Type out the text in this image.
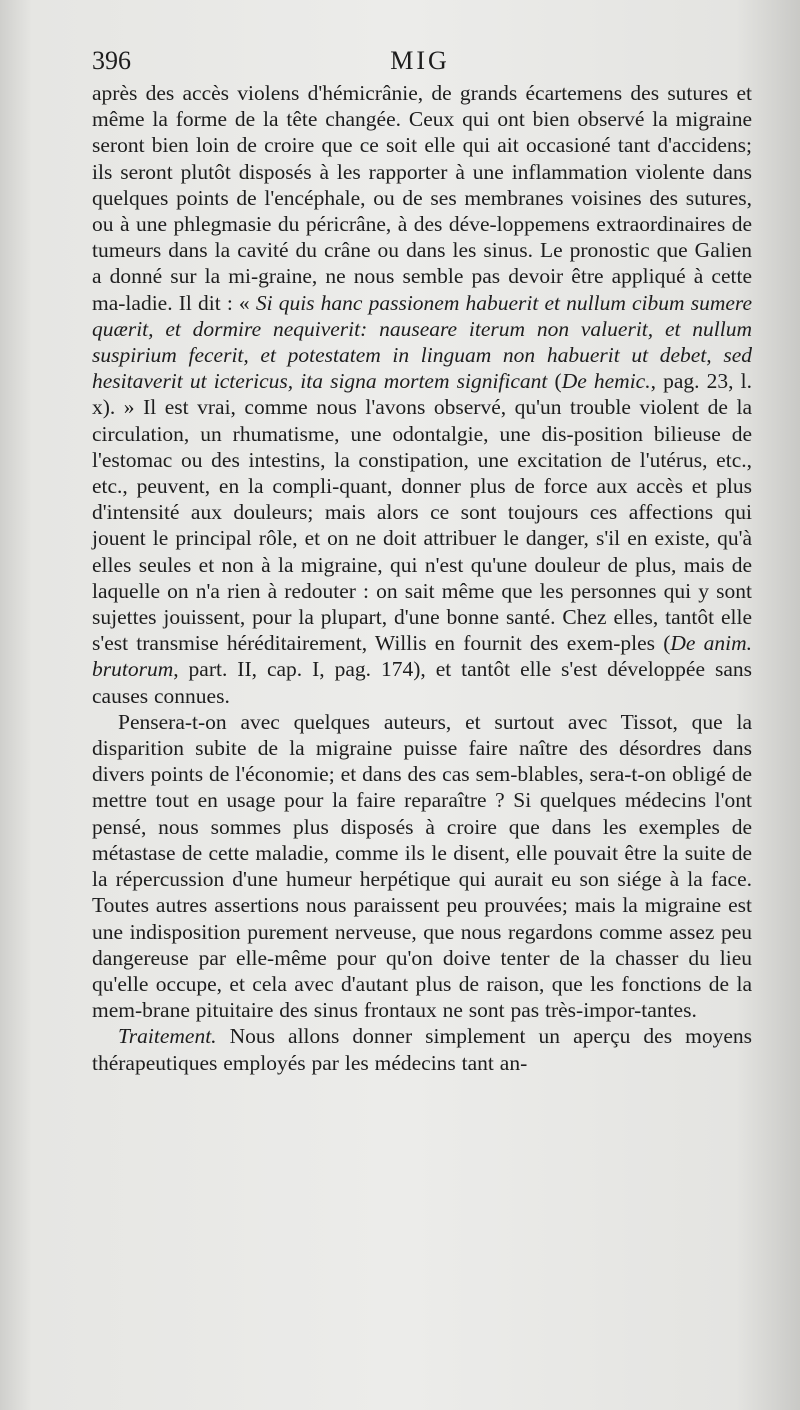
396	MIG

après des accès violens d'hémicrânie, de grands écartemens des sutures et même la forme de la tête changée. Ceux qui ont bien observé la migraine seront bien loin de croire que ce soit elle qui ait occasioné tant d'accidens; ils seront plutôt disposés à les rapporter à une inflammation violente dans quelques points de l'encéphale, ou de ses membranes voisines des sutures, ou à une phlegmasie du péricrâne, à des déve-loppemens extraordinaires de tumeurs dans la cavité du crâne ou dans les sinus. Le pronostic que Galien a donné sur la mi-graine, ne nous semble pas devoir être appliqué à cette ma-ladie. Il dit : « Si quis hanc passionem habuerit et nullum cibum sumere quærit, et dormire nequiverit: nauseare iterum non valuerit, et nullum suspirium fecerit, et potestatem in linguam non habuerit ut debet, sed hesitaverit ut ictericus, ita signa mortem significant (De hemic., pag. 23, l. x). » Il est vrai, comme nous l'avons observé, qu'un trouble violent de la circulation, un rhumatisme, une odontalgie, une dis-position bilieuse de l'estomac ou des intestins, la constipation, une excitation de l'utérus, etc., etc., peuvent, en la compli-quant, donner plus de force aux accès et plus d'intensité aux douleurs; mais alors ce sont toujours ces affections qui jouent le principal rôle, et on ne doit attribuer le danger, s'il en existe, qu'à elles seules et non à la migraine, qui n'est qu'une douleur de plus, mais de laquelle on n'a rien à redouter : on sait même que les personnes qui y sont sujettes jouissent, pour la plupart, d'une bonne santé. Chez elles, tantôt elle s'est transmise héréditairement, Willis en fournit des exem-ples (De anim. brutorum, part. II, cap. I, pag. 174), et tantôt elle s'est développée sans causes connues.

Pensera-t-on avec quelques auteurs, et surtout avec Tissot, que la disparition subite de la migraine puisse faire naître des désordres dans divers points de l'économie; et dans des cas sem-blables, sera-t-on obligé de mettre tout en usage pour la faire reparaître ? Si quelques médecins l'ont pensé, nous sommes plus disposés à croire que dans les exemples de métastase de cette maladie, comme ils le disent, elle pouvait être la suite de la répercussion d'une humeur herpétique qui aurait eu son siége à la face. Toutes autres assertions nous paraissent peu prouvées; mais la migraine est une indisposition purement nerveuse, que nous regardons comme assez peu dangereuse par elle-même pour qu'on doive tenter de la chasser du lieu qu'elle occupe, et cela avec d'autant plus de raison, que les fonctions de la mem-brane pituitaire des sinus frontaux ne sont pas très-impor-tantes.

Traitement. Nous allons donner simplement un aperçu des moyens thérapeutiques employés par les médecins tant an-
